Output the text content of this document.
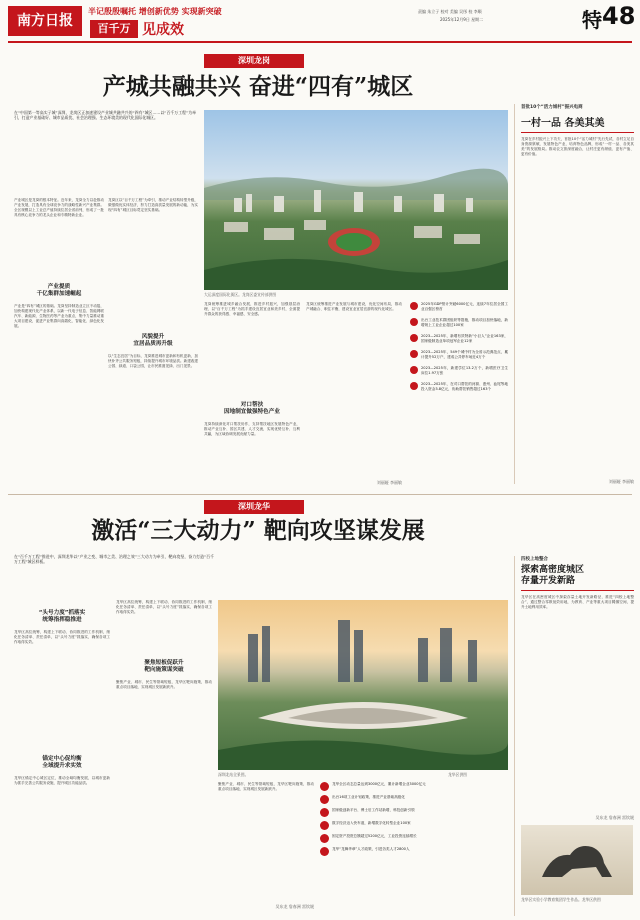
南方日报
半记殷殷嘱托 增创新优势 实现新突破
百千万 见成效
责编 朱立子 校对 美编 吴彤 校 李顺
2025年12月9日 星期二	特 48
深圳龙岗
产城共融共兴 奋进“四有”城区
在“中国第一等高实子城”深圳，龙岗区正加速建设产业城共融共兴的“四有”城区……以“百千万工程”为牵引，打造产业基础好、城市品质优、社会治理强、生态环境美的现代化国际化城区。
大运深度国际化街区。龙岗区委宣传部供图
产业城区是龙岗的根本特征。近年来，龙岗全力以赴推动产业发展，打造具有全球竞争力的战略性新兴产业集群。全区规模以上工业总产值持续位居全省前列，形成了一批具有核心竞争力的龙头企业和专精特新企业。
产业提质
千亿集群加速崛起
产业是“四有”城区的基础。龙岗坚持制造业立区不动摇，加快构建现代化产业体系，以新一代电子信息、智能网联汽车、新能源、生物医药等产业为重点，集中力量推动重大项目建设，促进产业集群向高端化、智能化、绿色化发展。
龙岗区以“百千万工程”为牵引，推动产业结构转型升级，做强做优实体经济，努力打造高质量发展的新动能，为实现“四有”城区目标奠定坚实基础。
风貌提升
宜居品质再升级
以“生态宜居”为目标，龙岗推进城市更新和有机更新，加快补齐公共服务短板，持续提升城市环境品质。新建改建公园、绿道、口袋公园，让市民推窗见绿、出门见景。
龙岗统筹推进城乡融合发展，推进乡村振兴，加强基层治理，以“百千万工程”为抓手建设宜居宜业和美乡村，全面提升群众的获得感、幸福感、安全感。
对口帮扶
因地制宜做强特色产业
龙岗持续深化对口帮扶协作，支持帮扶地区发展特色产业，推动产业互补、园区共建、人才交流，实现优势互补、互利共赢，为区域协调发展贡献力量。
龙岗区统筹推进产业发展与城市建设，优化空间布局，推动产城融合、职住平衡，建设宜业宜居宜游的现代化城区。
刘丽娅 李丽敏
2025年GDP预计突破6000亿元，连续7年位居全国工业百强区榜首
出台工业技术群团组织等措施，推动项目加快落地，新增规上工业企业超过100家
2023—2025年，新增有效特新“小巨人”企业163家，国家级制造业单项冠军企业12家
2023—2025年，549个城中村为全省示范典范点，累计提升52万户，建成公共停车场近4万个
2023—2025年，新建学位13.2万个，新增医疗卫生床位1.97万张
2023—2025年，在对口帮扶的河源、惠州、汕尾等地投入资金3.8亿元，协助帮扶销售超过163个
首批10个“活力城村”振兴电商
一村一品 各美其美
龙岗在乡村振兴上下功夫，首批10个“活力城村”先行先试，各村立足自身资源禀赋，发展特色产业，培育特色品牌，形成“一村一品、各美其美”的发展格局。推动农文旅深度融合，让村庄更有颜值、更有产值、更有价值。
刘丽娅 李丽敏
深圳龙华
激活“三大动力” 靶向攻坚谋发展
在“百千万工程”推进中，深圳龙华以“产业之变、城市之美、治理之效”三大动力为牵引，靶向攻坚，奋力打造“百千万工程”城区样板。
“头号力度”抓落实
统筹指挥稳推进
龙华区高位统筹，构建上下联动、协同推进的工作机制，细化任务清单、责任清单，以“头号力度”抓落实，确保各项工作取得实效。
锚定中心促均衡
全域提升求实效
龙华区锚定中心城区定位，推动全域均衡发展，以城市更新为抓手完善公共服务设施，提升城区功能品质。
龙华区高位统筹，构建上下联动、协同推进的工作机制，细化任务清单、责任清单，以“头号力度”抓落实，确保各项工作取得实效。
聚焦短板促跃升
靶向施策谋突破
聚焦产业、城市、民生等领域短板，龙华区靶向施策，推动重点项目落地，实现城区发展新跃升。
深圳北站全景图。	龙华区供图
聚焦产业、城市、民生等领域短板，龙华区靶向施策，推动重点项目落地，实现城区发展新跃升。
吴东龙 詹春洲 雷钦媛
龙华全区动态总量达到3000亿元，累计新增企业3000亿元
出台16项工业计划政策，推进产业基础高级化
国家级创新平台、博士后工作站新增，科技创新引领
数字经济迈入快车道，新增数字化转型企业100家
固定资产投资总额超过5200亿元，工业投资连续增长
龙华“龙舞华章”人才政策，引进各类人才2800人
四校上地整合
探索高密度城区
存量开发新路
龙华区在高密度城区中探索存量土地开发新路径，推进“四校上地整合”，通过整合零散低效用地，为教育、产业等重大项目腾挪空间，提升土地利用效率。
吴东龙 詹春洲 雷钦媛
龙华区实验小学教育集团学生作品。龙华区供图
